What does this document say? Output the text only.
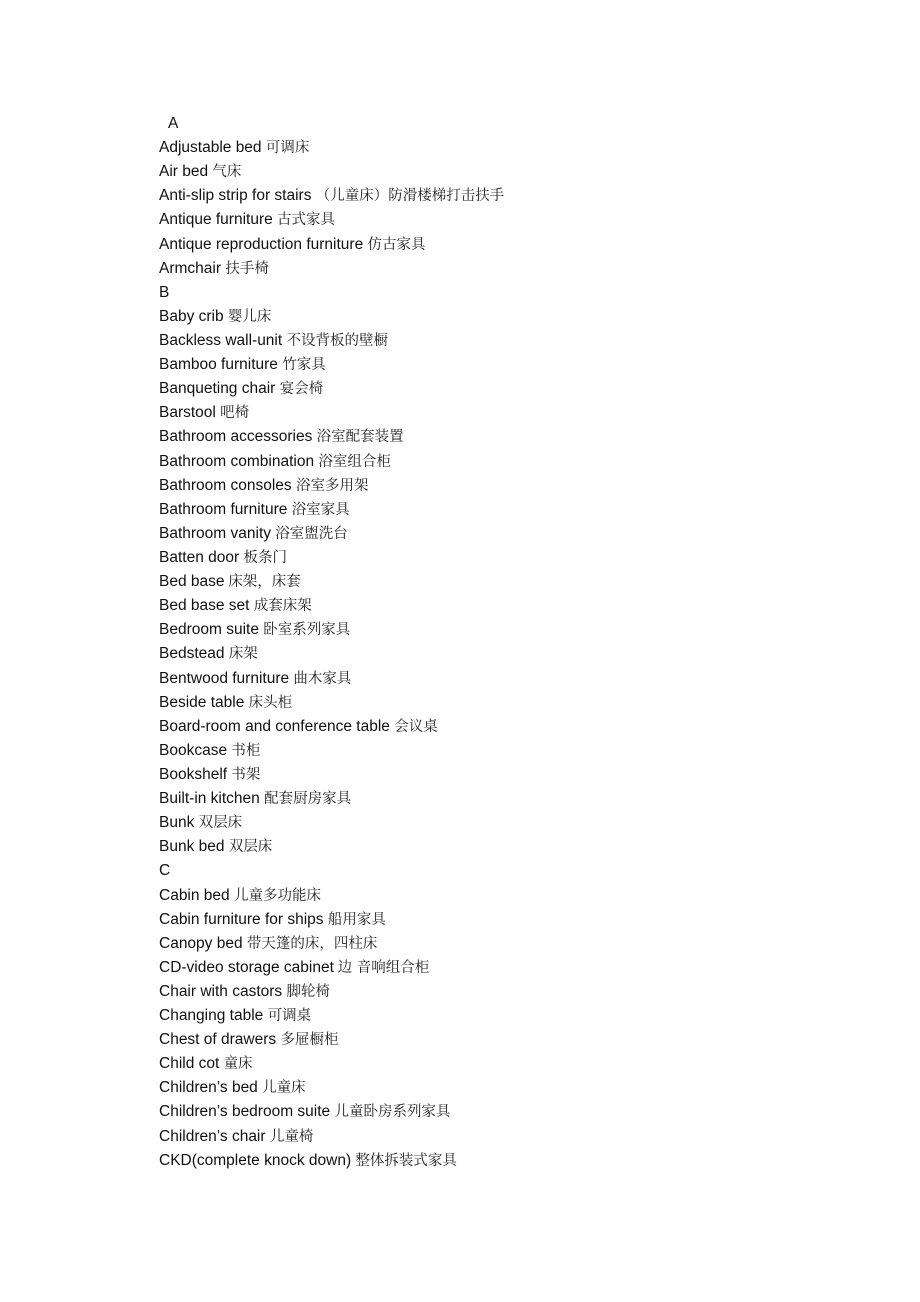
A
Adjustable bed 可调床
Air bed 气床
Anti-slip strip for stairs （儿童床）防滑楼梯打击扶手
Antique furniture 古式家具
Antique reproduction furniture 仿古家具
Armchair 扶手椅
B
Baby crib 婴儿床
Backless wall-unit 不设背板的壁橱
Bamboo furniture 竹家具
Banqueting chair 宴会椅
Barstool 吧椅
Bathroom accessories 浴室配套装置
Bathroom combination 浴室组合柜
Bathroom consoles 浴室多用架
Bathroom furniture 浴室家具
Bathroom vanity 浴室盥洗台
Batten door 板条门
Bed base 床架，床套
Bed base set 成套床架
Bedroom suite 卧室系列家具
Bedstead 床架
Bentwood furniture 曲木家具
Beside table 床头柜
Board-room and conference table 会议桌
Bookcase 书柜
Bookshelf 书架
Built-in kitchen 配套厨房家具
Bunk 双层床
Bunk bed 双层床
C
Cabin bed 儿童多功能床
Cabin furniture for ships 船用家具
Canopy bed 带天篷的床，四柱床
CD-video storage cabinet 边 音响组合柜
Chair with castors 脚轮椅
Changing table 可调桌
Chest of drawers 多屉橱柜
Child cot 童床
Children’s bed 儿童床
Children’s bedroom suite 儿童卧房系列家具
Children’s chair 儿童椅
CKD(complete knock down) 整体拆装式家具
